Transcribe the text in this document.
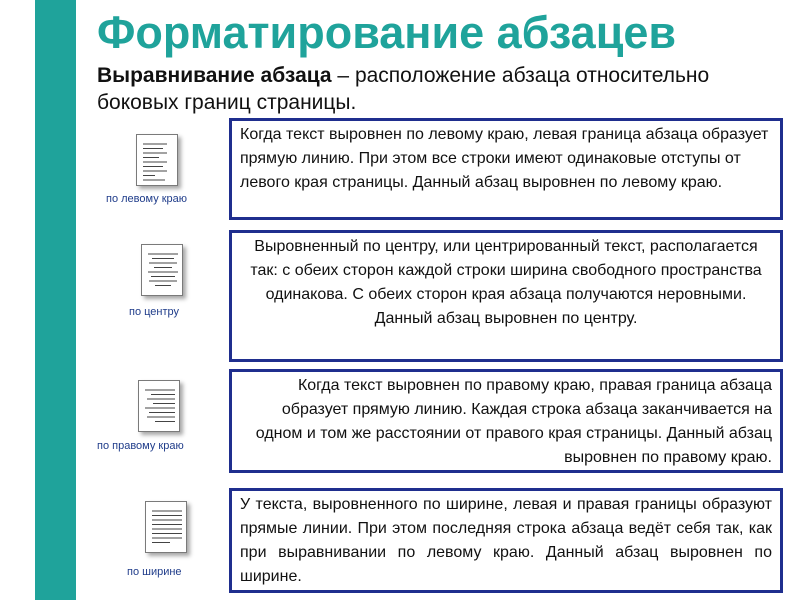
Форматирование абзацев
Выравнивание абзаца – расположение абзаца относительно боковых границ страницы.
по левому краю
Когда текст выровнен по левому краю, левая граница абзаца образует прямую линию. При этом все строки имеют одинаковые отступы от левого края страницы. Данный абзац выровнен по левому краю.
по центру
Выровненный по центру, или центрированный текст, располагается так: с обеих сторон каждой строки ширина свободного пространства одинакова. С обеих сторон края абзаца получаются неровными. Данный абзац выровнен по центру.
по правому краю
Когда текст выровнен по правому краю, правая граница абзаца образует прямую линию. Каждая строка абзаца заканчивается на одном и том же расстоянии от правого края страницы. Данный абзац выровнен по правому краю.
по ширине
У текста, выровненного по ширине, левая и правая границы образуют прямые линии. При этом последняя строка абзаца ведёт себя так, как при выравнивании по левому краю. Данный абзац выровнен по ширине.
